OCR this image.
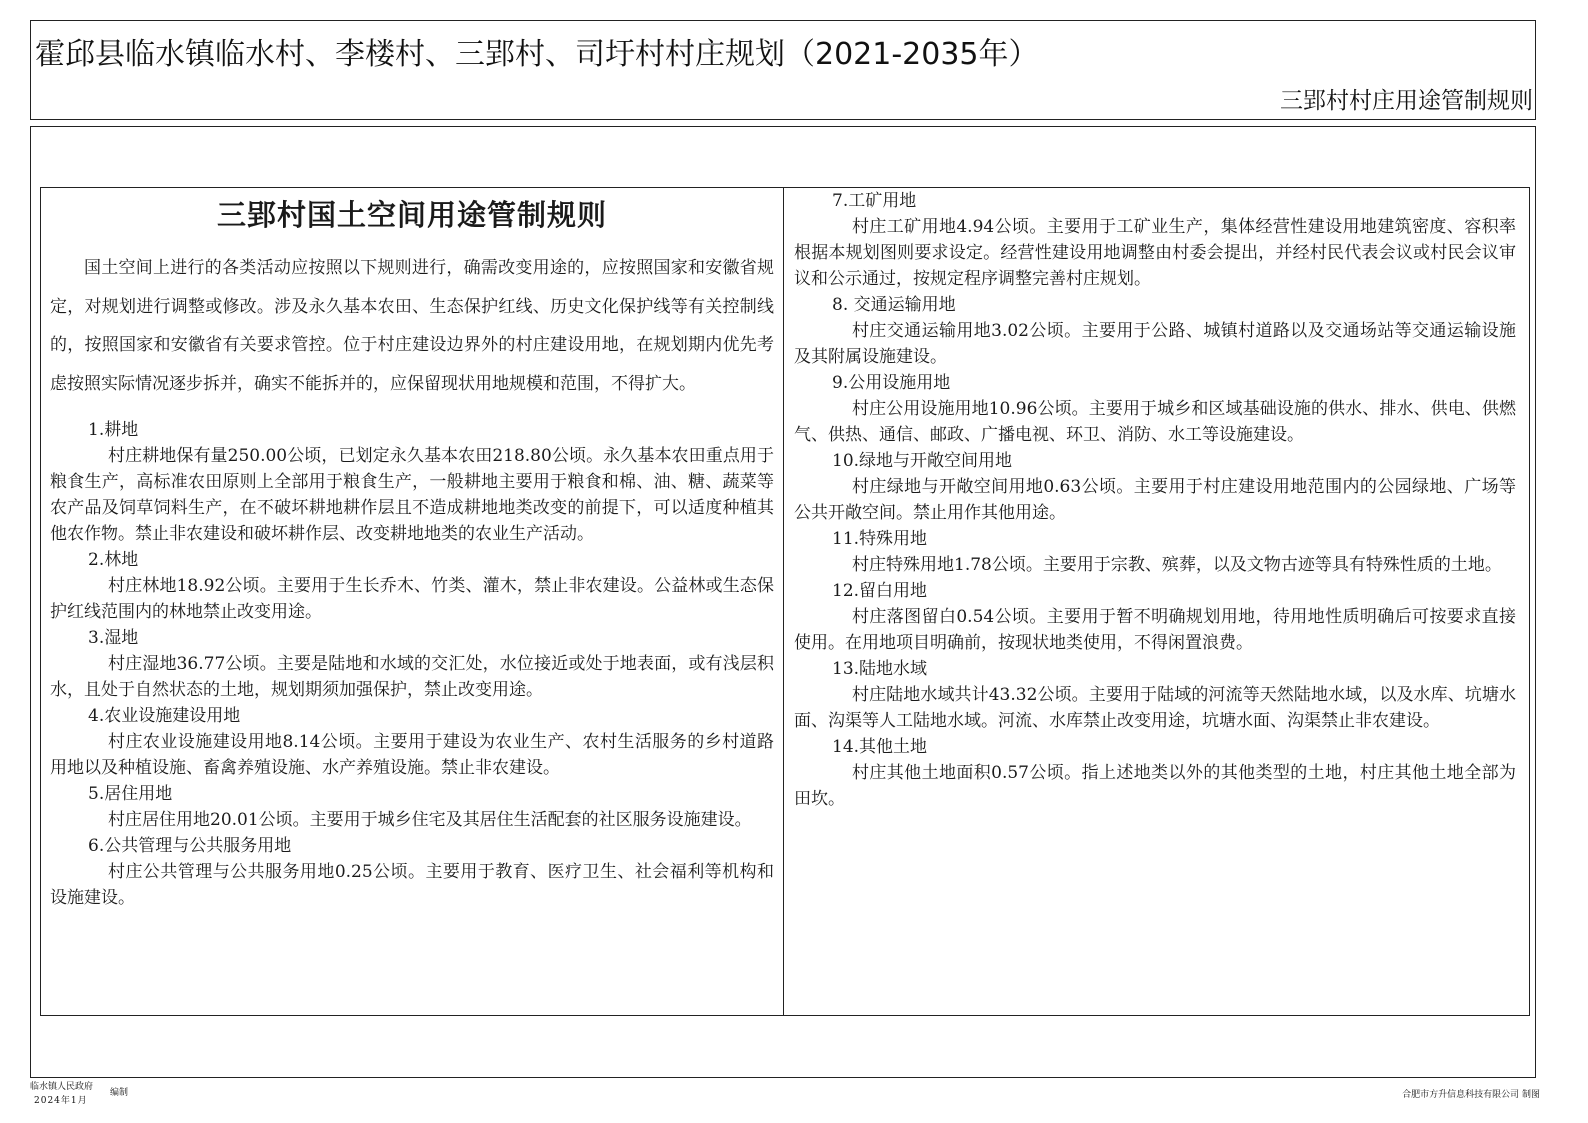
霍邱县临水镇临水村、李楼村、三郢村、司圩村村庄规划（2021-2035年）
三郢村村庄用途管制规则
三郢村国土空间用途管制规则

国土空间上进行的各类活动应按照以下规则进行，确需改变用途的，应按照国家和安徽省规定，对规划进行调整或修改。涉及永久基本农田、生态保护红线、历史文化保护线等有关控制线的，按照国家和安徽省有关要求管控。位于村庄建设边界外的村庄建设用地，在规划期内优先考虑按照实际情况逐步拆并，确实不能拆并的，应保留现状用地规模和范围，不得扩大。

1.耕地

村庄耕地保有量250.00公顷，已划定永久基本农田218.80公顷。永久基本农田重点用于粮食生产，高标准农田原则上全部用于粮食生产，一般耕地主要用于粮食和棉、油、糖、蔬菜等农产品及饲草饲料生产，在不破坏耕地耕作层且不造成耕地地类改变的前提下，可以适度种植其他农作物。禁止非农建设和破坏耕作层、改变耕地地类的农业生产活动。

2.林地

村庄林地18.92公顷。主要用于生长乔木、竹类、灌木，禁止非农建设。公益林或生态保护红线范围内的林地禁止改变用途。

3.湿地

村庄湿地36.77公顷。主要是陆地和水域的交汇处，水位接近或处于地表面，或有浅层积水，且处于自然状态的土地，规划期须加强保护，禁止改变用途。

4.农业设施建设用地

村庄农业设施建设用地8.14公顷。主要用于建设为农业生产、农村生活服务的乡村道路用地以及种植设施、畜禽养殖设施、水产养殖设施。禁止非农建设。

5.居住用地

村庄居住用地20.01公顷。主要用于城乡住宅及其居住生活配套的社区服务设施建设。

6.公共管理与公共服务用地

村庄公共管理与公共服务用地0.25公顷。主要用于教育、医疗卫生、社会福利等机构和设施建设。

7.工矿用地

村庄工矿用地4.94公顷。主要用于工矿业生产，集体经营性建设用地建筑密度、容积率根据本规划图则要求设定。经营性建设用地调整由村委会提出，并经村民代表会议或村民会议审议和公示通过，按规定程序调整完善村庄规划。

8. 交通运输用地

村庄交通运输用地3.02公顷。主要用于公路、城镇村道路以及交通场站等交通运输设施及其附属设施建设。

9.公用设施用地

村庄公用设施用地10.96公顷。主要用于城乡和区域基础设施的供水、排水、供电、供燃气、供热、通信、邮政、广播电视、环卫、消防、水工等设施建设。

10.绿地与开敞空间用地

村庄绿地与开敞空间用地0.63公顷。主要用于村庄建设用地范围内的公园绿地、广场等公共开敞空间。禁止用作其他用途。

11.特殊用地

村庄特殊用地1.78公顷。主要用于宗教、殡葬，以及文物古迹等具有特殊性质的土地。

12.留白用地

村庄落图留白0.54公顷。主要用于暂不明确规划用地，待用地性质明确后可按要求直接使用。在用地项目明确前，按现状地类使用，不得闲置浪费。

13.陆地水域

村庄陆地水域共计43.32公顷。主要用于陆域的河流等天然陆地水域，以及水库、坑塘水面、沟渠等人工陆地水域。河流、水库禁止改变用途，坑塘水面、沟渠禁止非农建设。

14.其他土地

村庄其他土地面积0.57公顷。指上述地类以外的其他类型的土地，村庄其他土地全部为田坎。

临水镇人民政府
2024年1月
编制	合肥市方升信息科技有限公司 制图
